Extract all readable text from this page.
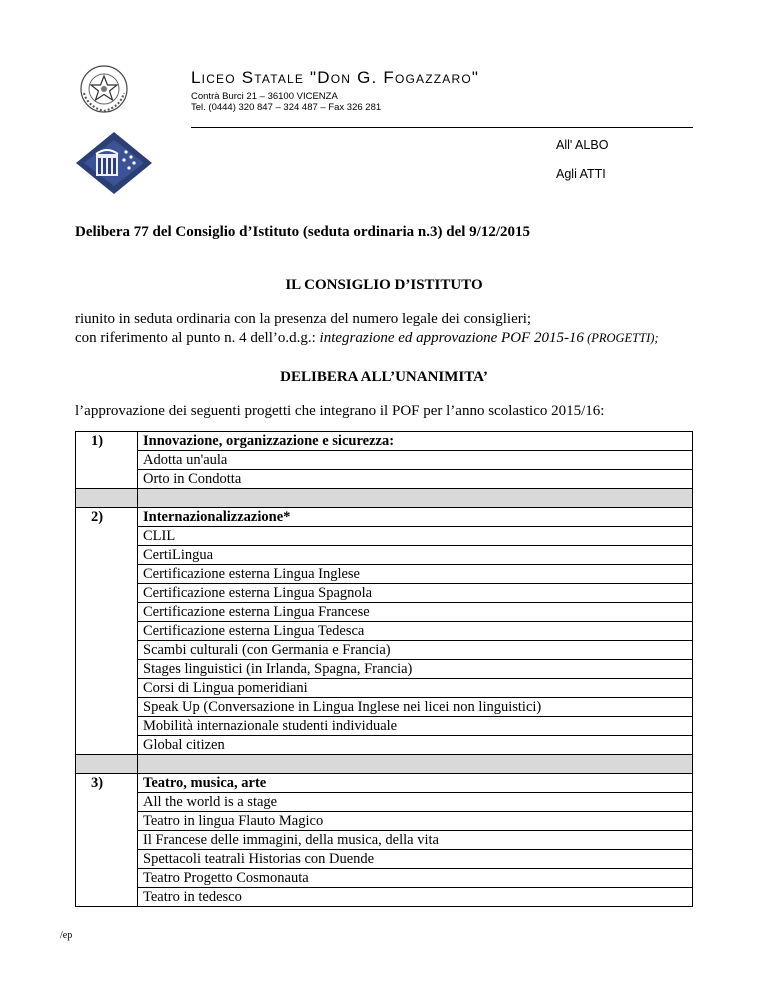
Liceo Statale "Don G. Fogazzaro"
Contrà Burci 21 – 36100 VICENZA
Tel. (0444) 320 847 – 324 487 – Fax 326 281
All' ALBO
Agli ATTI
Delibera 77 del Consiglio d’Istituto (seduta ordinaria n.3) del 9/12/2015
IL CONSIGLIO D’ISTITUTO
riunito in seduta ordinaria con la presenza del numero legale dei consiglieri;
con riferimento al punto n. 4 dell’o.d.g.: integrazione ed approvazione POF 2015-16 (PROGETTI);
DELIBERA ALL’UNANIMITA’
l’approvazione dei seguenti progetti che integrano il POF per l’anno scolastico 2015/16:
1)	Innovazione, organizzazione e sicurezza:
	Adotta un'aula
	Orto in Condotta

2)	Internazionalizzazione*
	CLIL
	CertiLingua
	Certificazione esterna Lingua Inglese
	Certificazione esterna Lingua Spagnola
	Certificazione esterna Lingua Francese
	Certificazione esterna Lingua Tedesca
	Scambi culturali (con Germania e Francia)
	Stages linguistici (in Irlanda, Spagna, Francia)
	Corsi di Lingua pomeridiani
	Speak Up (Conversazione in Lingua Inglese nei licei non linguistici)
	Mobilità internazionale studenti individuale
	Global citizen

3)	Teatro, musica, arte
	All the world is a stage
	Teatro in lingua Flauto Magico
	Il Francese delle immagini, della musica, della vita
	Spettacoli teatrali Historias con Duende
	Teatro Progetto Cosmonauta
	Teatro in tedesco
/ep
